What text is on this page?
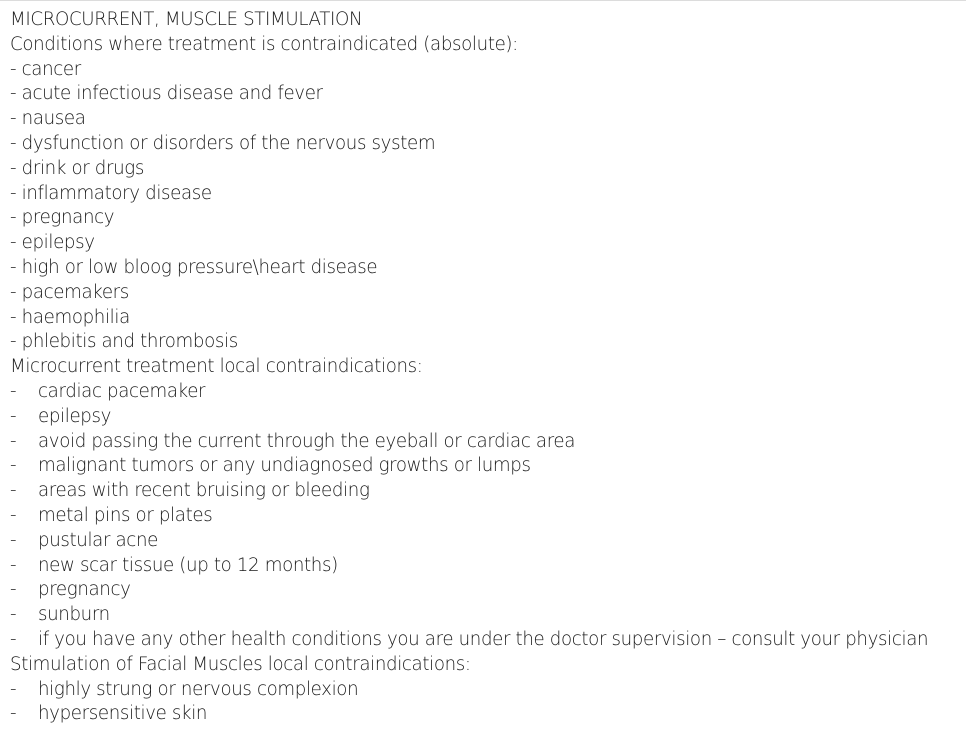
MICROCURRENT, MUSCLE STIMULATION
Conditions where treatment is contraindicated (absolute):
- cancer
- acute infectious disease and fever
- nausea
- dysfunction or disorders of the nervous system
- drink or drugs
- inflammatory disease
- pregnancy
- epilepsy
- high or low bloog pressure\heart disease
- pacemakers
- haemophilia
- phlebitis and thrombosis
Microcurrent treatment local contraindications:
- cardiac pacemaker
- epilepsy
- avoid passing the current through the eyeball or cardiac area
- malignant tumors or any undiagnosed growths or lumps
- areas with recent bruising or bleeding
- metal pins or plates
- pustular acne
- new scar tissue (up to 12 months)
- pregnancy
- sunburn
- if you have any other health conditions you are under the doctor supervision – consult your physician
Stimulation of Facial Muscles local contraindications:
- highly strung or nervous complexion
- hypersensitive skin
